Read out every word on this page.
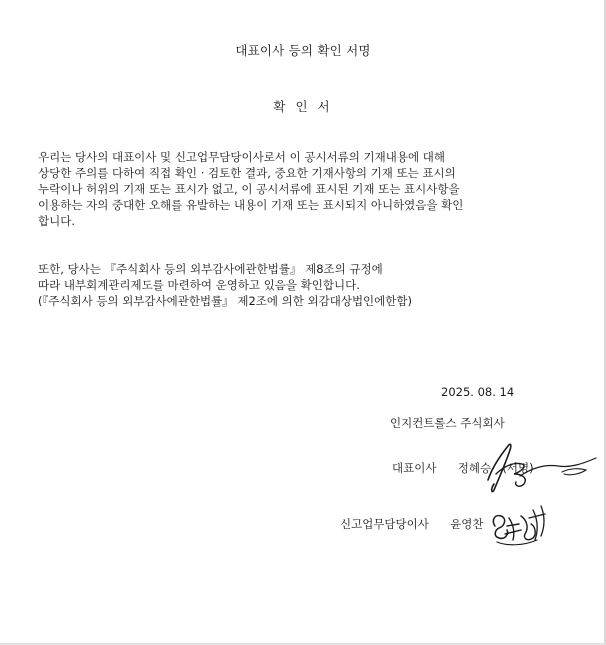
대표이사 등의 확인 서명
확 인 서
우리는 당사의 대표이사 및 신고업무담당이사로서 이 공시서류의 기재내용에 대해
상당한 주의를 다하여 직접 확인 · 검토한 결과, 중요한 기재사항의 기재 또는 표시의
누락이나 허위의 기재 또는 표시가 없고, 이 공시서류에 표시된 기재 또는 표시사항을
이용하는 자의 중대한 오해를 유발하는 내용이 기재 또는 표시되지 아니하였음을 확인
합니다.
또한, 당사는 『주식회사 등의 외부감사에관한법률』 제8조의 규정에
따라 내부회계관리제도를 마련하여 운영하고 있음을 확인합니다.
(『주식회사 등의 외부감사에관한법률』 제2조에 의한 외감대상법인에한함)
2025. 08. 14
인지컨트롤스 주식회사
대표이사 정혜승 (서명)
신고업무담당이사 윤영찬
